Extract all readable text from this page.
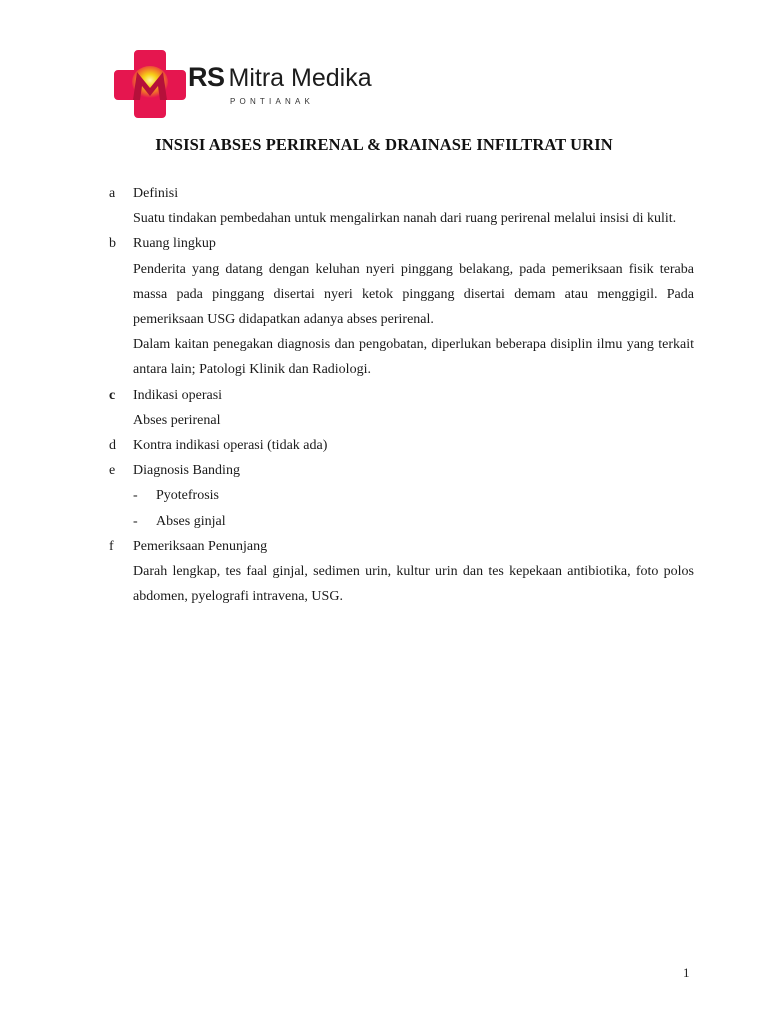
RS Mitra Medika
PONTIANAK
INSISI ABSES PERIRENAL & DRAINASE INFILTRAT URIN
a	Definisi
Suatu tindakan pembedahan untuk mengalirkan nanah dari ruang perirenal melalui insisi di kulit.
b	Ruang lingkup
Penderita yang datang dengan keluhan nyeri pinggang belakang, pada pemeriksaan fisik teraba massa pada pinggang disertai nyeri ketok pinggang disertai demam atau menggigil. Pada pemeriksaan USG didapatkan adanya abses perirenal.
Dalam kaitan penegakan diagnosis dan pengobatan, diperlukan beberapa disiplin ilmu yang terkait antara lain; Patologi Klinik dan Radiologi.
c	Indikasi operasi
Abses perirenal
d	Kontra indikasi operasi (tidak ada)
e	Diagnosis Banding
- Pyotefrosis
- Abses ginjal
f	Pemeriksaan Penunjang
Darah lengkap, tes faal ginjal, sedimen urin, kultur urin dan tes kepekaan antibiotika, foto polos abdomen, pyelografi intravena, USG.
1
